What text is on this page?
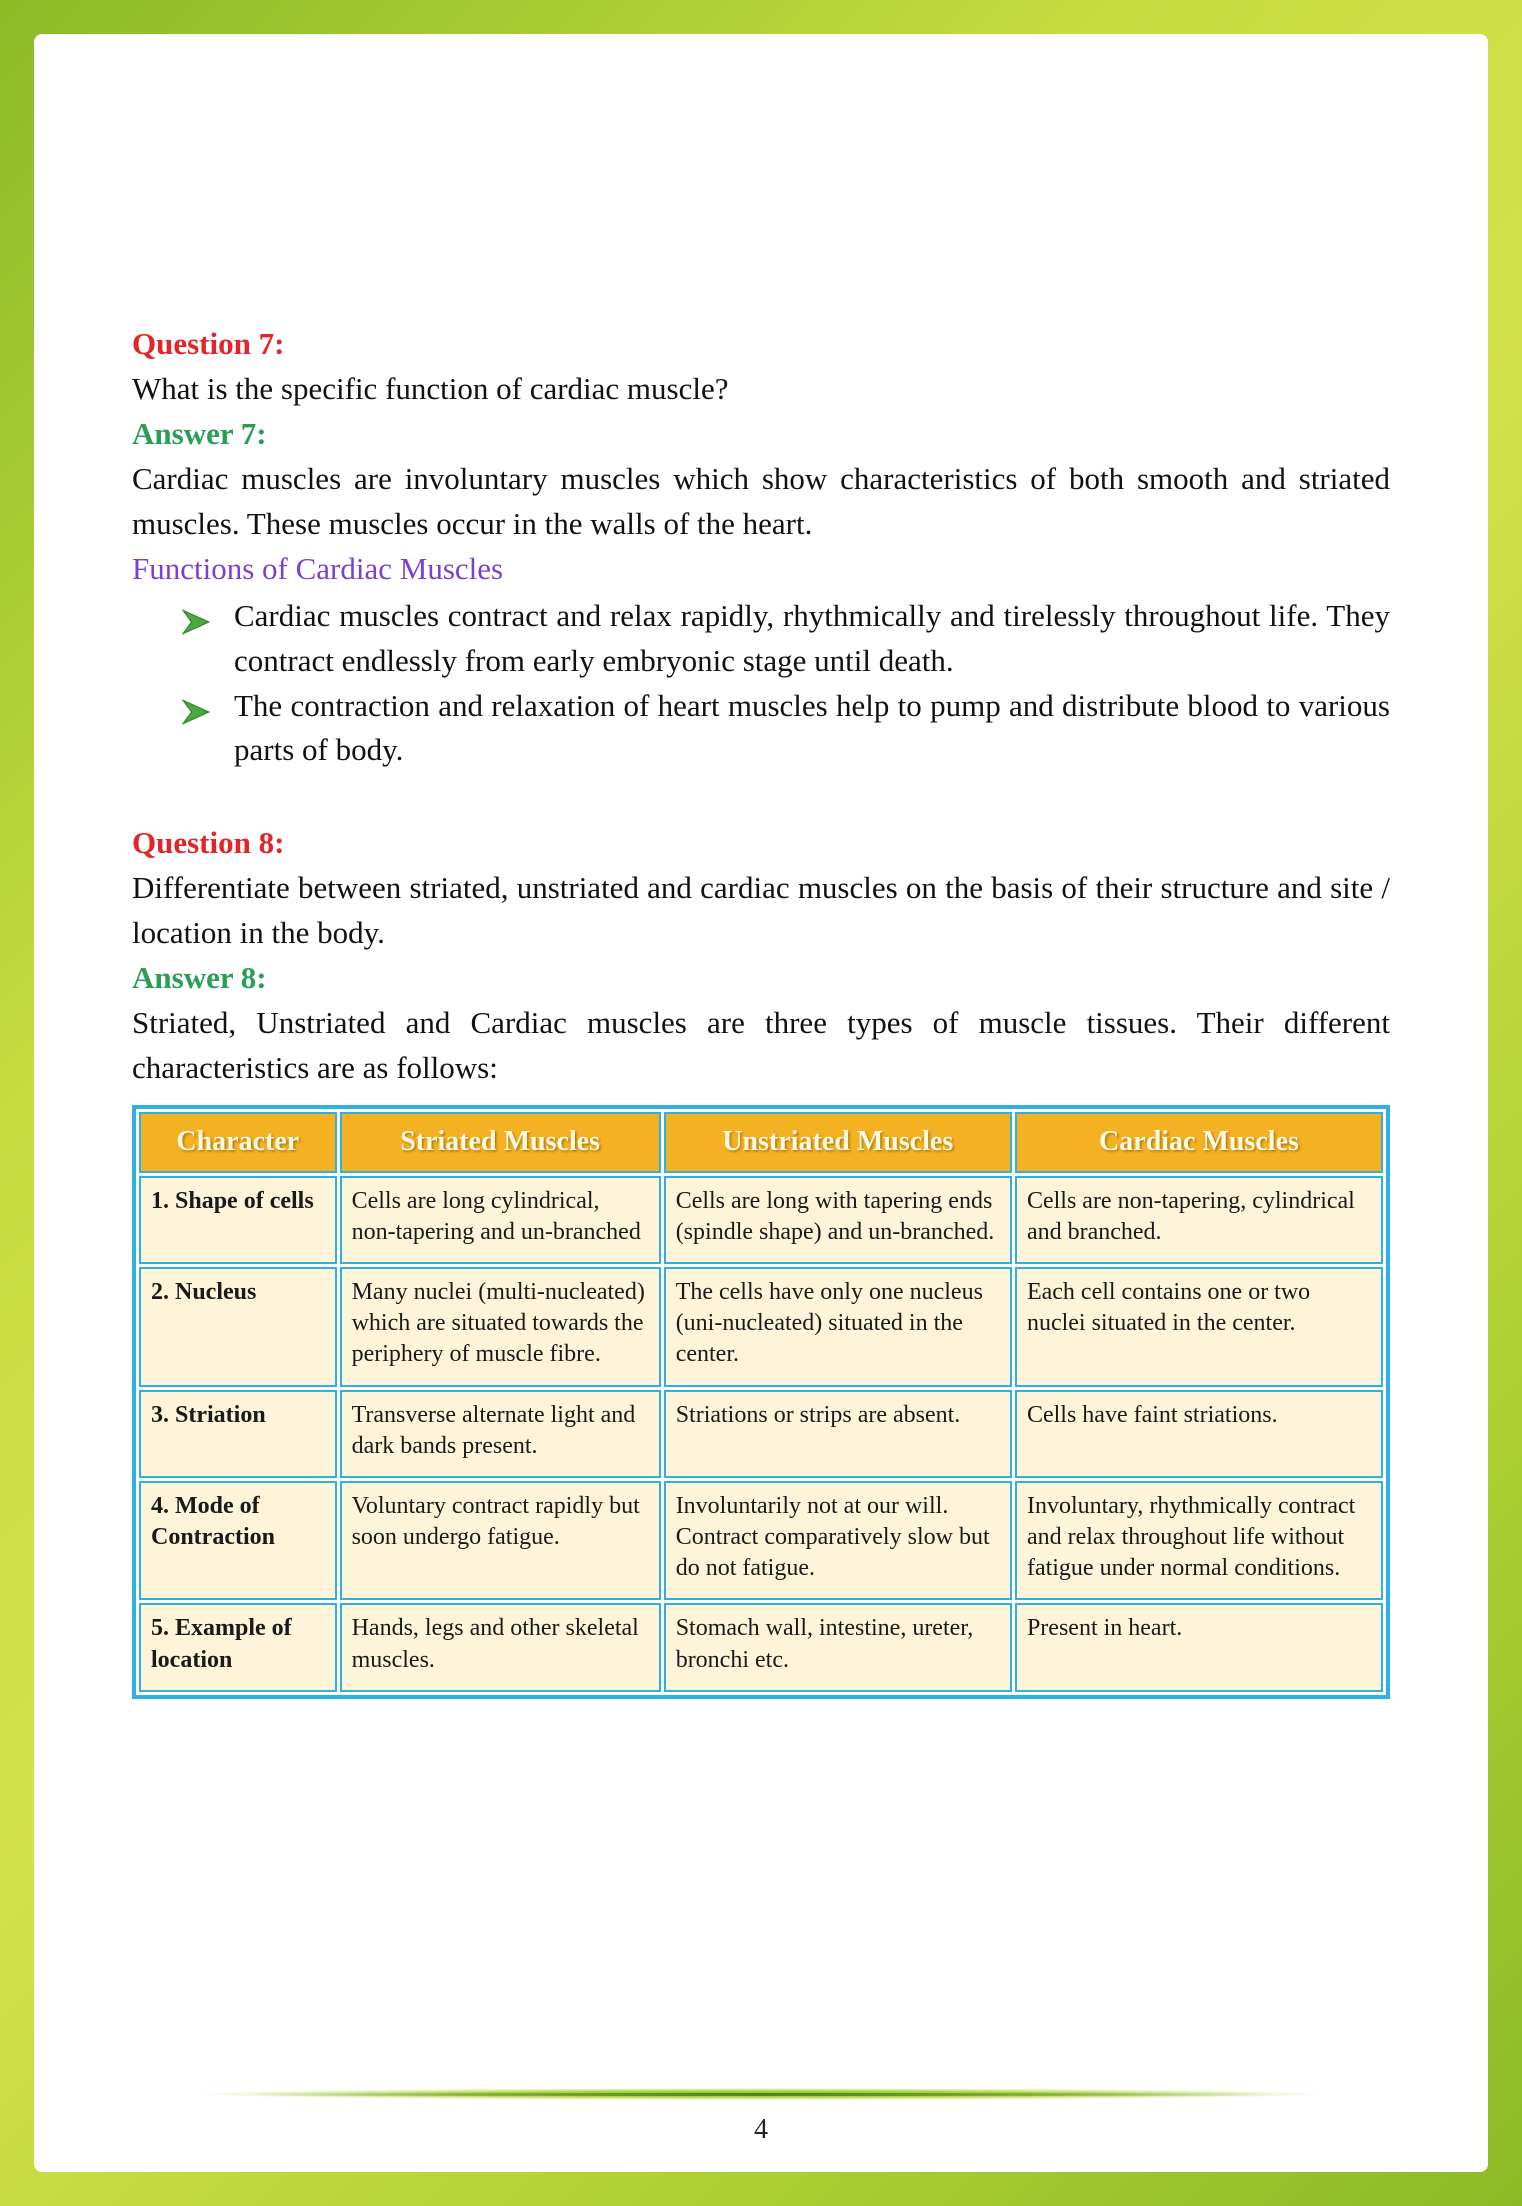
Question 7:

What is the specific function of cardiac muscle?

Answer 7:

Cardiac muscles are involuntary muscles which show characteristics of both smooth and striated muscles. These muscles occur in the walls of the heart.

Functions of Cardiac Muscles

Cardiac muscles contract and relax rapidly, rhythmically and tirelessly throughout life. They contract endlessly from early embryonic stage until death.

The contraction and relaxation of heart muscles help to pump and distribute blood to various parts of body.

Question 8:

Differentiate between striated, unstriated and cardiac muscles on the basis of their structure and site / location in the body.

Answer 8:

Striated, Unstriated and Cardiac muscles are three types of muscle tissues. Their different characteristics are as follows:

Character	Striated Muscles	Unstriated Muscles	Cardiac Muscles
1. Shape of cells	Cells are long cylindrical, non-tapering and un-branched	Cells are long with tapering ends (spindle shape) and un-branched.	Cells are non-tapering, cylindrical and branched.
2. Nucleus	Many nuclei (multi-nucleated) which are situated towards the periphery of muscle fibre.	The cells have only one nucleus (uni-nucleated) situated in the center.	Each cell contains one or two nuclei situated in the center.
3. Striation	Transverse alternate light and dark bands present.	Striations or strips are absent.	Cells have faint striations.
4. Mode of Contraction	Voluntary contract rapidly but soon undergo fatigue.	Involuntarily not at our will. Contract comparatively slow but do not fatigue.	Involuntary, rhythmically contract and relax throughout life without fatigue under normal conditions.
5. Example of location	Hands, legs and other skeletal muscles.	Stomach wall, intestine, ureter, bronchi etc.	Present in heart.
4
